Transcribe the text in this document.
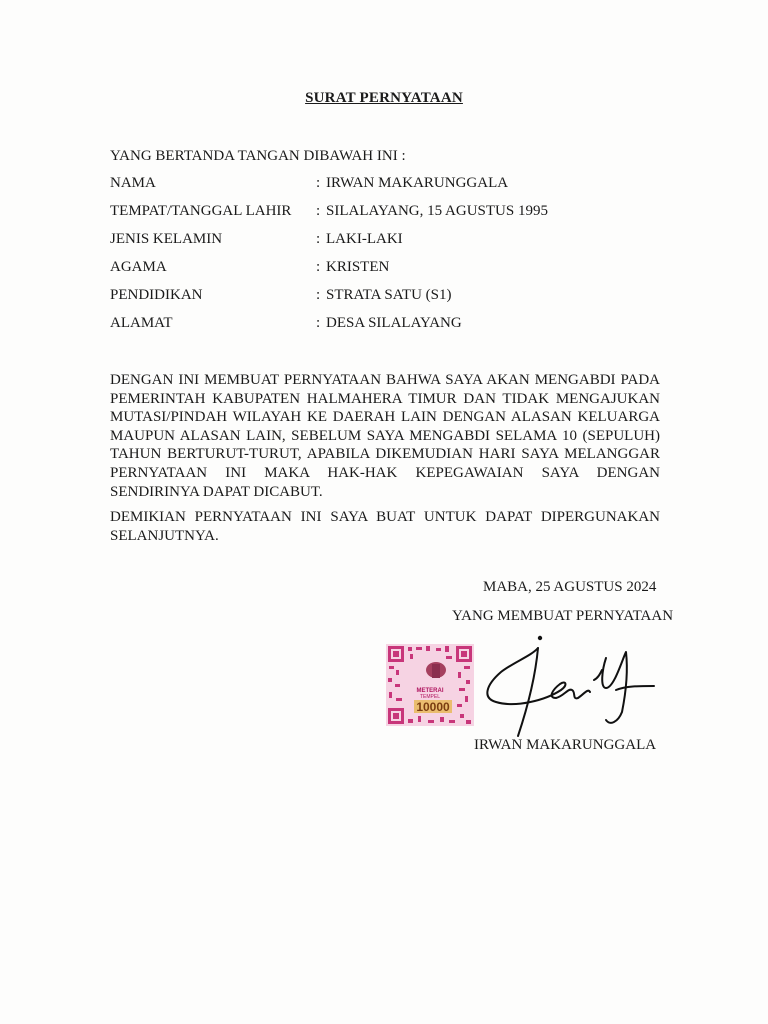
SURAT PERNYATAAN
YANG BERTANDA TANGAN DIBAWAH INI :
NAMA	: IRWAN MAKARUNGGALA
TEMPAT/TANGGAL LAHIR : SILALAYANG, 15 AGUSTUS 1995
JENIS KELAMIN	: LAKI-LAKI
AGAMA	: KRISTEN
PENDIDIKAN	: STRATA SATU (S1)
ALAMAT	: DESA SILALAYANG
DENGAN INI MEMBUAT PERNYATAAN BAHWA SAYA AKAN MENGABDI PADA PEMERINTAH KABUPATEN HALMAHERA TIMUR DAN TIDAK MENGAJUKAN MUTASI/PINDAH WILAYAH KE DAERAH LAIN DENGAN ALASAN KELUARGA MAUPUN ALASAN LAIN, SEBELUM SAYA MENGABDI SELAMA 10 (SEPULUH) TAHUN BERTURUT-TURUT, APABILA DIKEMUDIAN HARI SAYA MELANGGAR PERNYATAAN INI MAKA HAK-HAK KEPEGAWAIAN SAYA DENGAN SENDIRINYA DAPAT DICABUT.
DEMIKIAN PERNYATAAN INI SAYA BUAT UNTUK DAPAT DIPERGUNAKAN SELANJUTNYA.
MABA, 25 AGUSTUS 2024
YANG MEMBUAT PERNYATAAN
METERAI
TEMPEL
10000
IRWAN MAKARUNGGALA
